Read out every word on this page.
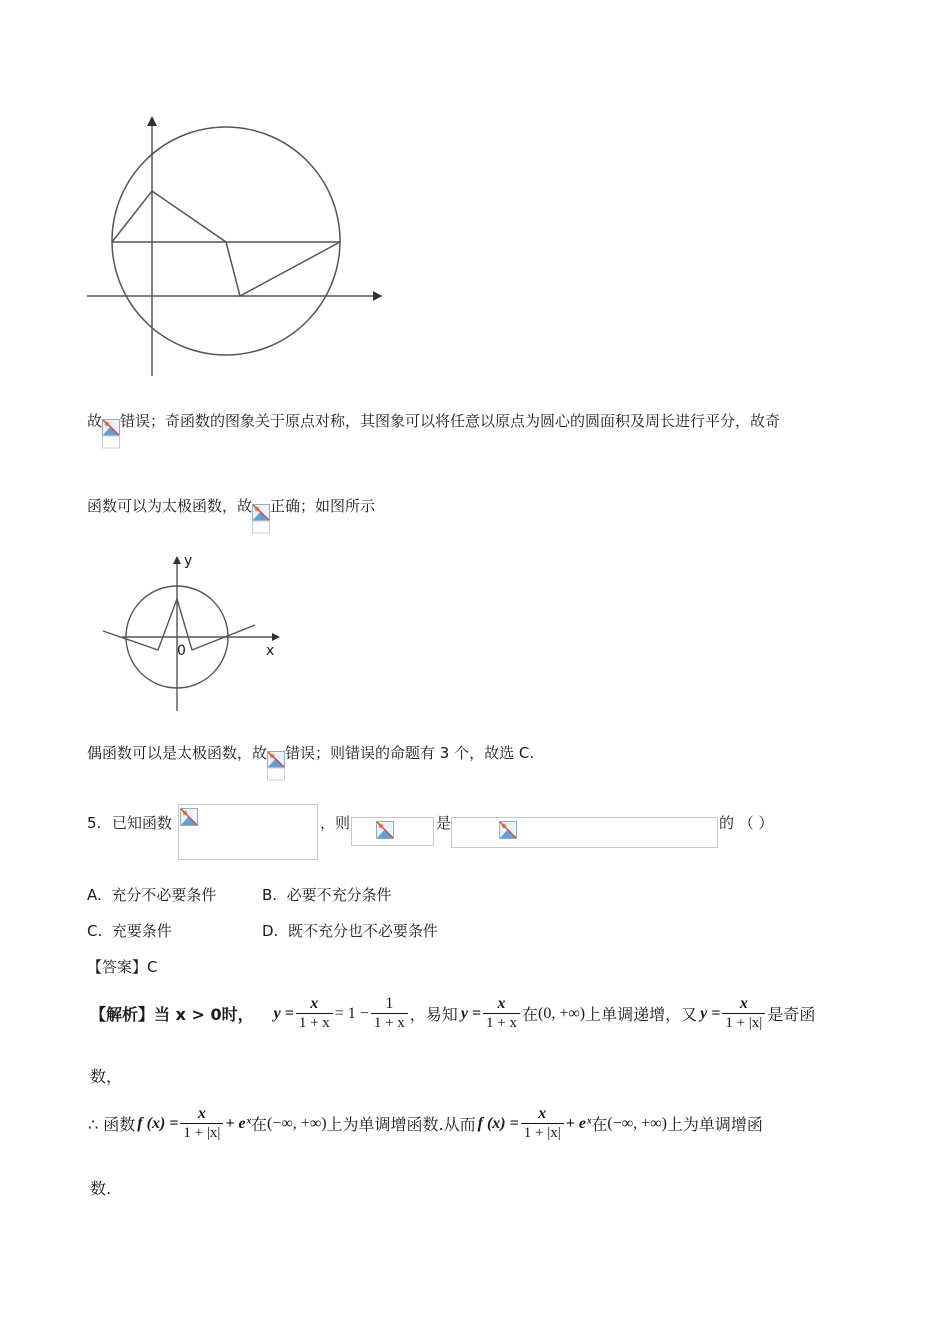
故 错误；奇函数的图象关于原点对称，其图象可以将任意以原点为圆心的圆面积及周长进行平分，故奇
函数可以为太极函数，故 正确；如图所示
y
x
0
偶函数可以是太极函数，故 错误；则错误的命题有 3 个，故选 C.
5. 已知函数
	，则
	是	的 （ ）
A. 充分不必要条件	B. 必要不充分条件
C. 充要条件	D. 既不充分也不必要条件
【答案】C
【解析】 当 x > 0时， $y = \frac{x}{1 + x} = 1 - \frac{1}{1 + x}$ ，易知 $y = \frac{x}{1 + x}$ 在 (0, +∞) 上单调递增，又 $y = \frac{x}{1 + |x|}$ 是奇函
数，
∴ 函数 f $(x) = \frac{x}{1 + |x|}$ + eˣ 在 (−∞, +∞) 上为单调增函数.从而 f $(x) = \frac{x}{1 + |x|}$ + eˣ 在 (−∞, +∞) 上为单调增函
数.
